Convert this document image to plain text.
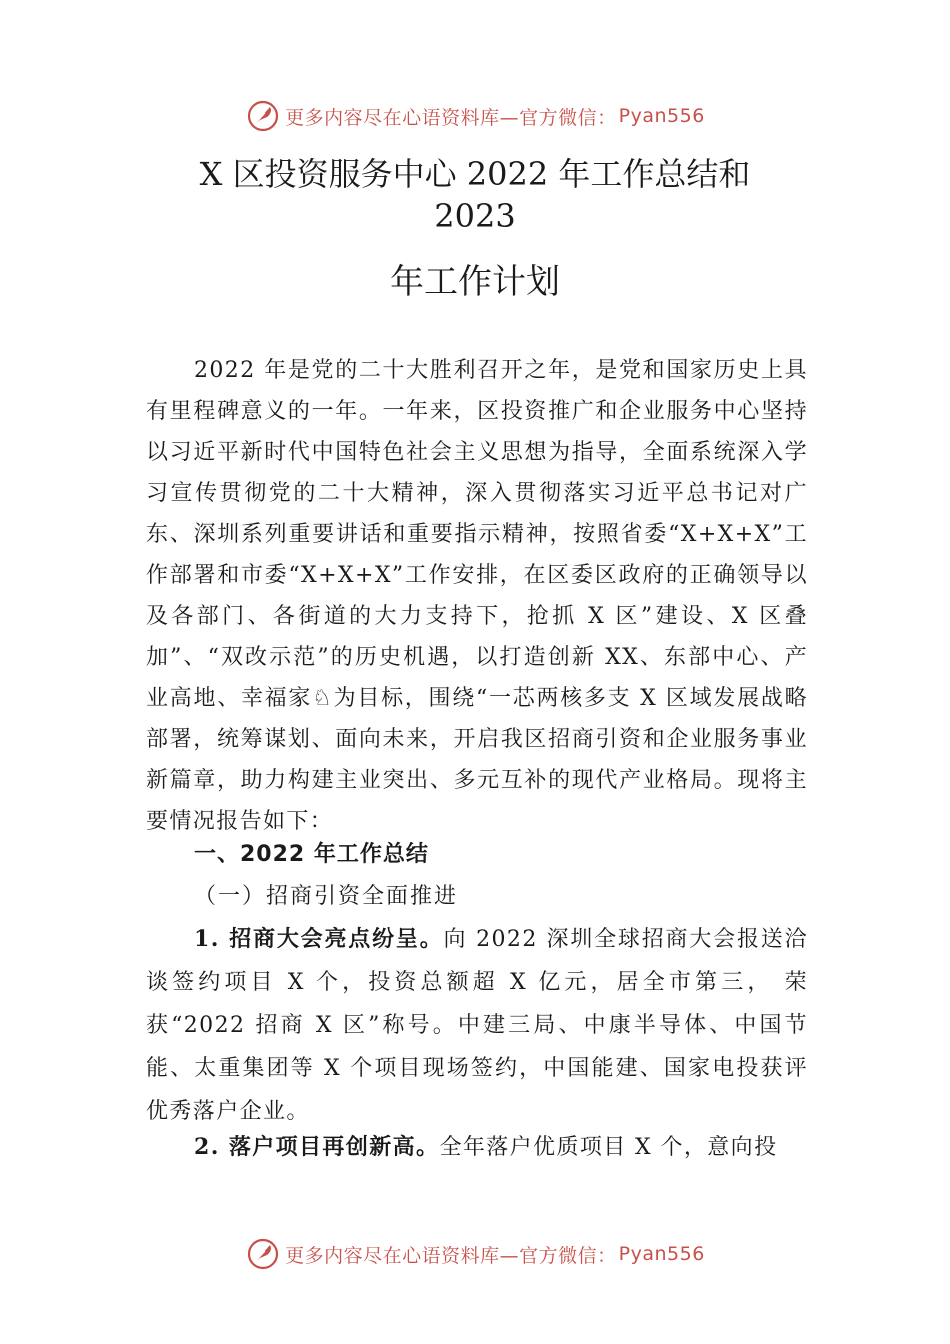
更多内容尽在心语资料库—官方微信： Pyan556
X 区投资服务中心 2022 年工作总结和
2023
年工作计划
2022 年是党的二十大胜利召开之年，是党和国家历史上具有里程碑意义的一年。一年来，区投资推广和企业服务中心坚持以习近平新时代中国特色社会主义思想为指导，全面系统深入学习宣传贯彻党的二十大精神，深入贯彻落实习近平总书记对广东、深圳系列重要讲话和重要指示精神，按照省委“X+X+X”工作部署和市委“X+X+X”工作安排，在区委区政府的正确领导以及各部门、各街道的大力支持下，抢抓 X 区”建设、X 区叠加”、“双改示范”的历史机遇，以打造创新 XX、东部中心、产业高地、幸福家♘为目标，围绕“一芯两核多支 X 区域发展战略部署，统筹谋划、面向未来，开启我区招商引资和企业服务事业新篇章，助力构建主业突出、多元互补的现代产业格局。现将主要情况报告如下：
一、2022 年工作总结
（一）招商引资全面推进
1. 招商大会亮点纷呈。向 2022 深圳全球招商大会报送洽谈签约项目 X 个，投资总额超 X 亿元，居全市第三， 荣获“2022 招商 X 区”称号。中建三局、中康半导体、中国节能、太重集团等 X 个项目现场签约，中国能建、国家电投获评优秀落户企业。
2. 落户项目再创新高。全年落户优质项目 X 个，意向投
更多内容尽在心语资料库—官方微信： Pyan556
